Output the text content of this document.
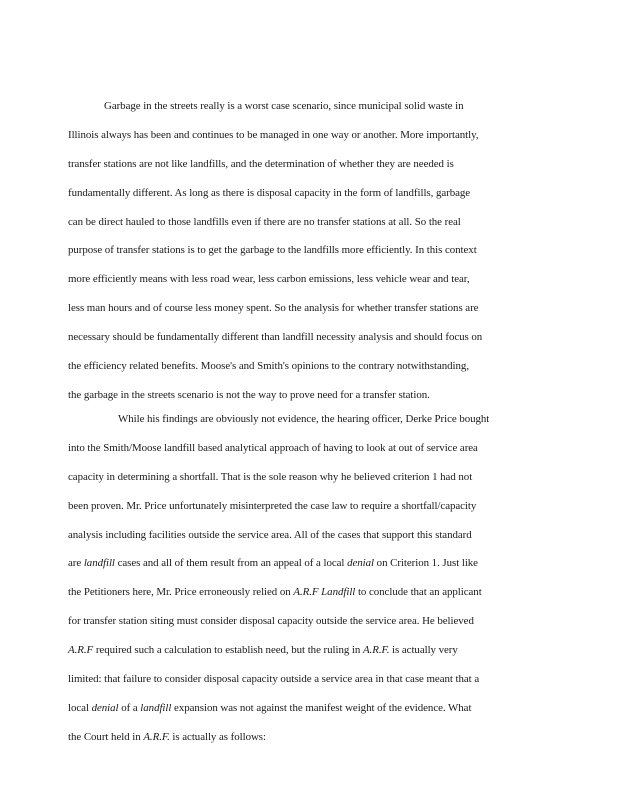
Garbage in the streets really is a worst case scenario, since municipal solid waste in
Illinois always has been and continues to be managed in one way or another. More importantly,
transfer stations are not like landfills, and the determination of whether they are needed is
fundamentally different. As long as there is disposal capacity in the form of landfills, garbage
can be direct hauled to those landfills even if there are no transfer stations at all. So the real
purpose of transfer stations is to get the garbage to the landfills more efficiently. In this context
more efficiently means with less road wear, less carbon emissions, less vehicle wear and tear,
less man hours and of course less money spent. So the analysis for whether transfer stations are
necessary should be fundamentally different than landfill necessity analysis and should focus on
the efficiency related benefits. Moose's and Smith's opinions to the contrary notwithstanding,
the garbage in the streets scenario is not the way to prove need for a transfer station.
While his findings are obviously not evidence, the hearing officer, Derke Price bought
into the Smith/Moose landfill based analytical approach of having to look at out of service area
capacity in determining a shortfall. That is the sole reason why he believed criterion 1 had not
been proven. Mr. Price unfortunately misinterpreted the case law to require a shortfall/capacity
analysis including facilities outside the service area. All of the cases that support this standard
are landfill cases and all of them result from an appeal of a local denial on Criterion 1. Just like
the Petitioners here, Mr. Price erroneously relied on A.R.F Landfill to conclude that an applicant
for transfer station siting must consider disposal capacity outside the service area. He believed
A.R.F required such a calculation to establish need, but the ruling in A.R.F. is actually very
limited: that failure to consider disposal capacity outside a service area in that case meant that a
local denial of a landfill expansion was not against the manifest weight of the evidence. What
the Court held in A.R.F. is actually as follows:
